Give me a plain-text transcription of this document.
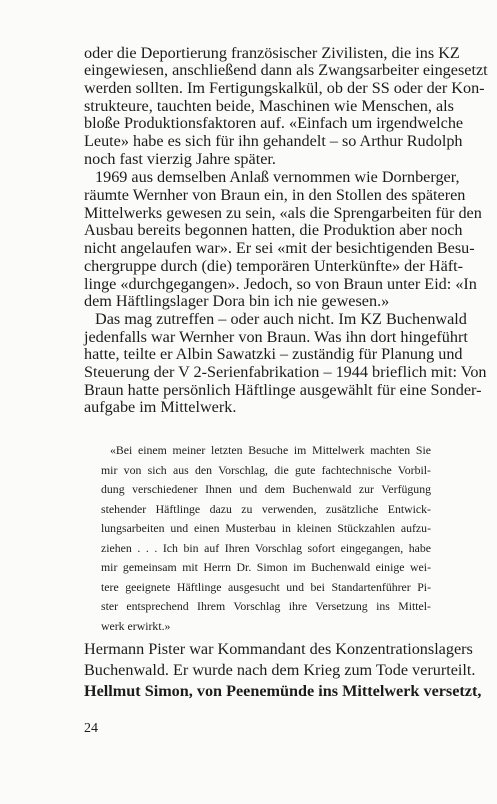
oder die Deportierung französischer Zivilisten, die ins KZ
eingewiesen, anschließend dann als Zwangsarbeiter eingesetzt
werden sollten. Im Fertigungskalkül, ob der SS oder der Kon-
strukteure, tauchten beide, Maschinen wie Menschen, als
bloße Produktionsfaktoren auf. «Einfach um irgendwelche
Leute» habe es sich für ihn gehandelt – so Arthur Rudolph
noch fast vierzig Jahre später.
1969 aus demselben Anlaß vernommen wie Dornberger,
räumte Wernher von Braun ein, in den Stollen des späteren
Mittelwerks gewesen zu sein, «als die Sprengarbeiten für den
Ausbau bereits begonnen hatten, die Produktion aber noch
nicht angelaufen war». Er sei «mit der besichtigenden Besu-
chergruppe durch (die) temporären Unterkünfte» der Häft-
linge «durchgegangen». Jedoch, so von Braun unter Eid: «In
dem Häftlingslager Dora bin ich nie gewesen.»
Das mag zutreffen – oder auch nicht. Im KZ Buchenwald
jedenfalls war Wernher von Braun. Was ihn dort hingeführt
hatte, teilte er Albin Sawatzki – zuständig für Planung und
Steuerung der V 2-Serienfabrikation – 1944 brieflich mit: Von
Braun hatte persönlich Häftlinge ausgewählt für eine Sonder-
aufgabe im Mittelwerk.
«Bei einem meiner letzten Besuche im Mittelwerk machten Sie
mir von sich aus den Vorschlag, die gute fachtechnische Vorbil-
dung verschiedener Ihnen und dem Buchenwald zur Verfügung
stehender Häftlinge dazu zu verwenden, zusätzliche Entwick-
lungsarbeiten und einen Musterbau in kleinen Stückzahlen aufzu-
ziehen . . . Ich bin auf Ihren Vorschlag sofort eingegangen, habe
mir gemeinsam mit Herrn Dr. Simon im Buchenwald einige wei-
tere geeignete Häftlinge ausgesucht und bei Standartenführer Pi-
ster entsprechend Ihrem Vorschlag ihre Versetzung ins Mittel-
werk erwirkt.»
Hermann Pister war Kommandant des Konzentrationslagers
Buchenwald. Er wurde nach dem Krieg zum Tode verurteilt.
Hellmut Simon, von Peenemünde ins Mittelwerk versetzt,
24
